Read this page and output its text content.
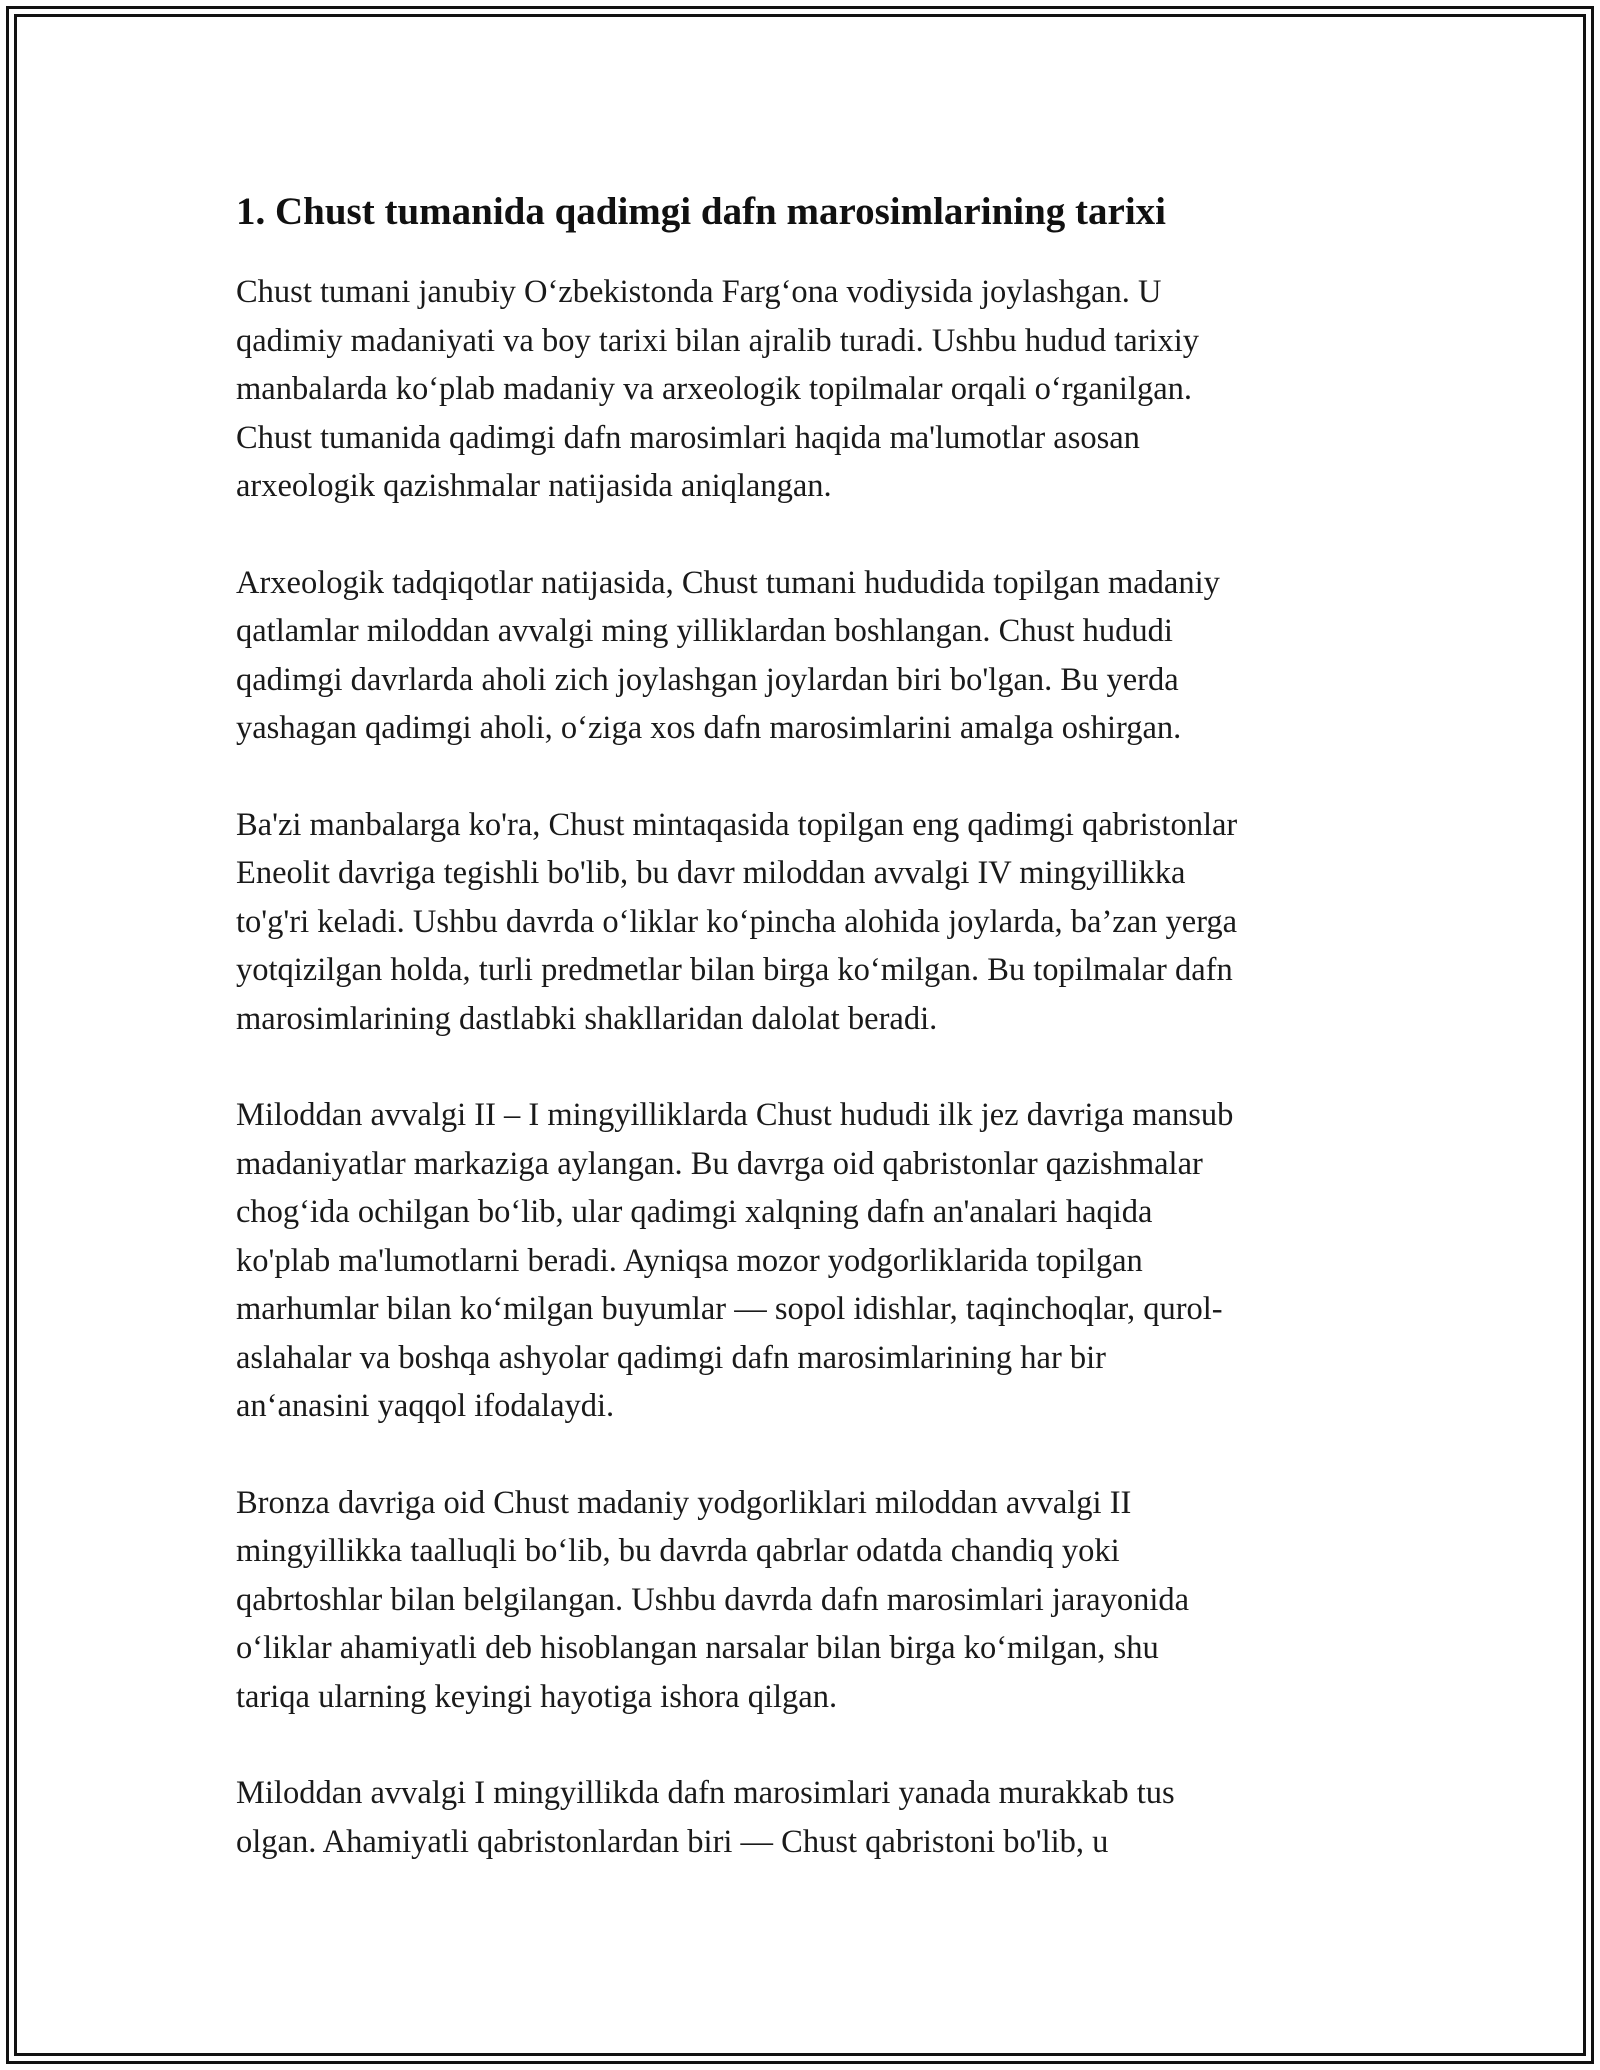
1. Chust tumanida qadimgi dafn marosimlarining tarixi

Chust tumani janubiy O‘zbekistonda Farg‘ona vodiysida joylashgan. U
qadimiy madaniyati va boy tarixi bilan ajralib turadi. Ushbu hudud tarixiy
manbalarda ko‘plab madaniy va arxeologik topilmalar orqali o‘rganilgan.
Chust tumanida qadimgi dafn marosimlari haqida ma'lumotlar asosan
arxeologik qazishmalar natijasida aniqlangan.

Arxeologik tadqiqotlar natijasida, Chust tumani hududida topilgan madaniy
qatlamlar miloddan avvalgi ming yilliklardan boshlangan. Chust hududi
qadimgi davrlarda aholi zich joylashgan joylardan biri bo'lgan. Bu yerda
yashagan qadimgi aholi, o‘ziga xos dafn marosimlarini amalga oshirgan.

Ba'zi manbalarga ko'ra, Chust mintaqasida topilgan eng qadimgi qabristonlar
Eneolit davriga tegishli bo'lib, bu davr miloddan avvalgi IV mingyillikka
to'g'ri keladi. Ushbu davrda o‘liklar ko‘pincha alohida joylarda, ba’zan yerga
yotqizilgan holda, turli predmetlar bilan birga ko‘milgan. Bu topilmalar dafn
marosimlarining dastlabki shakllaridan dalolat beradi.

Miloddan avvalgi II – I mingyilliklarda Chust hududi ilk jez davriga mansub
madaniyatlar markaziga aylangan. Bu davrga oid qabristonlar qazishmalar
chog‘ida ochilgan bo‘lib, ular qadimgi xalqning dafn an'analari haqida
ko'plab ma'lumotlarni beradi. Ayniqsa mozor yodgorliklarida topilgan
marhumlar bilan ko‘milgan buyumlar — sopol idishlar, taqinchoqlar, qurol-
aslahalar va boshqa ashyolar qadimgi dafn marosimlarining har bir
an‘anasini yaqqol ifodalaydi.

Bronza davriga oid Chust madaniy yodgorliklari miloddan avvalgi II
mingyillikka taalluqli bo‘lib, bu davrda qabrlar odatda chandiq yoki
qabrtoshlar bilan belgilangan. Ushbu davrda dafn marosimlari jarayonida
o‘liklar ahamiyatli deb hisoblangan narsalar bilan birga ko‘milgan, shu
tariqa ularning keyingi hayotiga ishora qilgan.

Miloddan avvalgi I mingyillikda dafn marosimlari yanada murakkab tus
olgan. Ahamiyatli qabristonlardan biri — Chust qabristoni bo'lib, u
